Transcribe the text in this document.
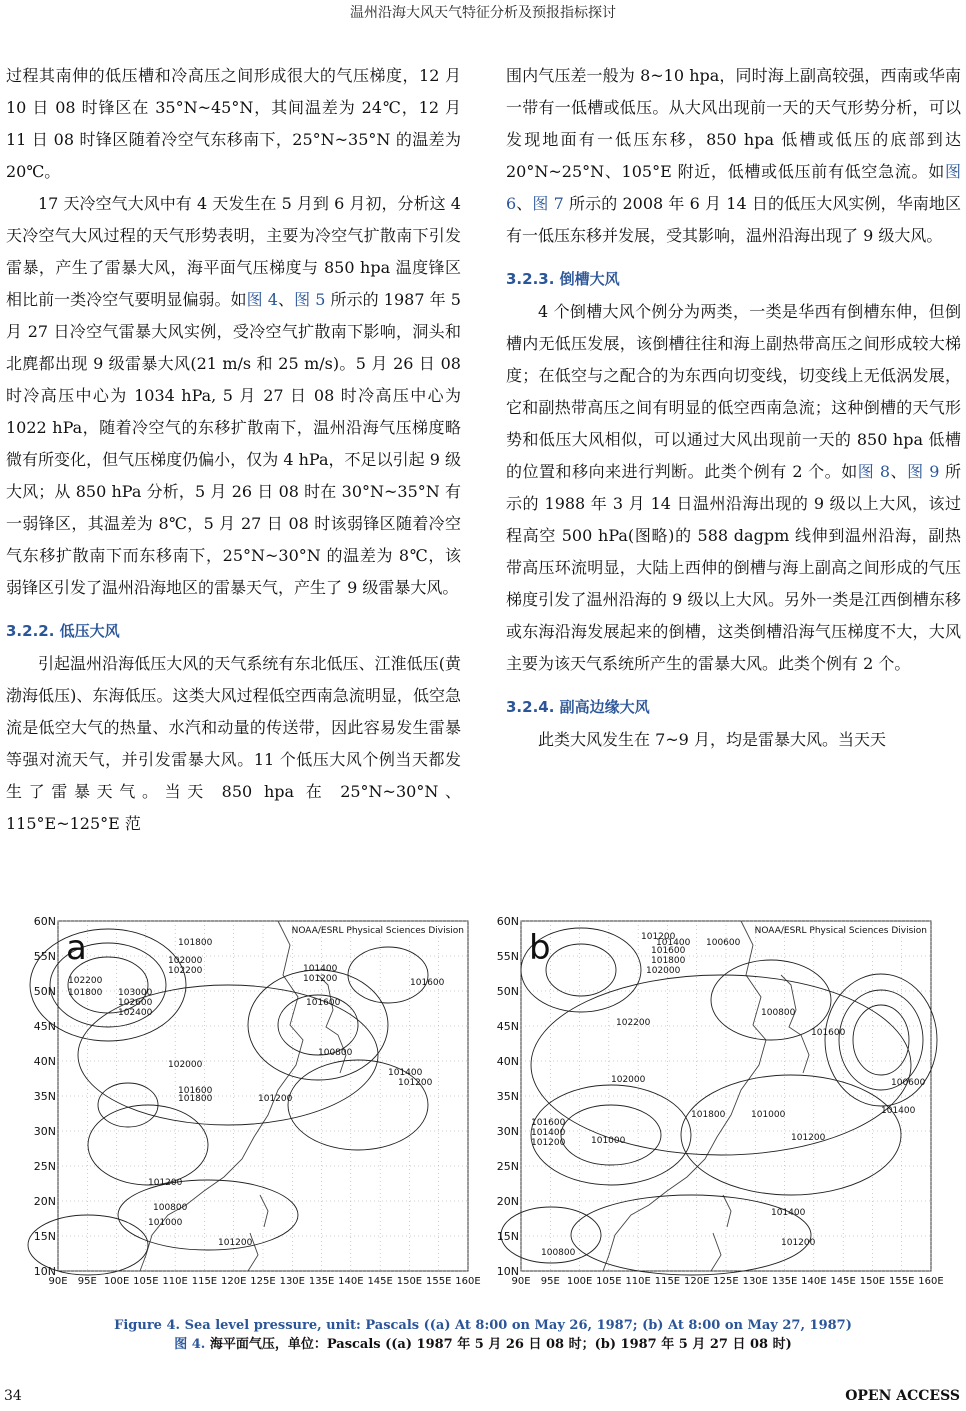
温州沿海大风天气特征分析及预报指标探讨

过程其南伸的低压槽和冷高压之间形成很大的气压梯度，12 月 10 日 08 时锋区在 35°N~45°N，其间温差为 24℃，12 月 11 日 08 时锋区随着冷空气东移南下，25°N~35°N 的温差为 20℃。

17 天冷空气大风中有 4 天发生在 5 月到 6 月初，分析这 4 天冷空气大风过程的天气形势表明，主要为冷空气扩散南下引发雷暴，产生了雷暴大风，海平面气压梯度与 850 hpa 温度锋区相比前一类冷空气要明显偏弱。如图 4、图 5 所示的 1987 年 5 月 27 日冷空气雷暴大风实例，受冷空气扩散南下影响，洞头和北麂都出现 9 级雷暴大风(21 m/s 和 25 m/s)。5 月 26 日 08 时冷高压中心为 1034 hPa, 5 月 27 日 08 时冷高压中心为 1022 hPa，随着冷空气的东移扩散南下，温州沿海气压梯度略微有所变化，但气压梯度仍偏小，仅为 4 hPa，不足以引起 9 级大风；从 850 hPa 分析，5 月 26 日 08 时在 30°N~35°N 有一弱锋区，其温差为 8℃，5 月 27 日 08 时该弱锋区随着冷空气东移扩散南下而东移南下，25°N~30°N 的温差为 8℃，该弱锋区引发了温州沿海地区的雷暴天气，产生了 9 级雷暴大风。

3.2.2. 低压大风

引起温州沿海低压大风的天气系统有东北低压、江淮低压(黄渤海低压)、东海低压。这类大风过程低空西南急流明显，低空急流是低空大气的热量、水汽和动量的传送带，因此容易发生雷暴等强对流天气，并引发雷暴大风。11 个低压大风个例当天都发生了雷暴天气。当天 850 hpa 在 25°N~30°N、115°E~125°E 范

围内气压差一般为 8~10 hpa，同时海上副高较强，西南或华南一带有一低槽或低压。从大风出现前一天的天气形势分析，可以发现地面有一低压东移，850 hpa 低槽或低压的底部到达 20°N~25°N、105°E 附近，低槽或低压前有低空急流。如图 6、图 7 所示的 2008 年 6 月 14 日的低压大风实例，华南地区有一低压东移并发展，受其影响，温州沿海出现了 9 级大风。

3.2.3. 倒槽大风

4 个倒槽大风个例分为两类，一类是华西有倒槽东伸，但倒槽内无低压发展，该倒槽往往和海上副热带高压之间形成较大梯度；在低空与之配合的为东西向切变线，切变线上无低涡发展，它和副热带高压之间有明显的低空西南急流；这种倒槽的天气形势和低压大风相似，可以通过大风出现前一天的 850 hpa 低槽的位置和移向来进行判断。此类个例有 2 个。如图 8、图 9 所示的 1988 年 3 月 14 日温州沿海出现的 9 级以上大风，该过程高空 500 hPa(图略)的 588 dagpm 线伸到温州沿海，副热带高压环流明显，大陆上西伸的倒槽与海上副高之间形成的气压梯度引发了温州沿海的 9 级以上大风。另外一类是江西倒槽东移或东海沿海发展起来的倒槽，这类倒槽沿海气压梯度不大，大风主要为该天气系统所产生的雷暴大风。此类个例有 2 个。

3.2.4. 副高边缘大风

此类大风发生在 7~9 月，均是雷暴大风。当天天

90E 95E 100E 105E 110E 115E 120E 125E 130E 135E 140E 145E 150E 155E 160E
60N
55N
50N
45N
40N
35N
30N
25N
20N
15N
10N
101800
102000
102200	101400
101200
101600
100800
101600
102200
101800 103000
102600
102400
102000
101600
101800	101200
101400
101200
101200
100800
101000
101200
a	NOAA/ESRL Physical Sciences Division
90E 95E 100E 105E 110E 115E 120E 125E 130E 135E 140E 145E 150E 155E 160E
60N
55N
50N
45N
40N
35N
30N
25N
20N
15N
10N
101200
101400
101600
101800
102000
100600
102200
100800
101600
101400
102000
101800
100600
101000
101600
101400
101200	101200
101400
101200
101000
100800
b	NOAA/ESRL Physical Sciences Division
Figure 4. Sea level pressure, unit: Pascals ((a) At 8:00 on May 26, 1987; (b) At 8:00 on May 27, 1987)
图 4. 海平面气压，单位：Pascals ((a) 1987 年 5 月 26 日 08 时；(b) 1987 年 5 月 27 日 08 时)
34	OPEN ACCESS
